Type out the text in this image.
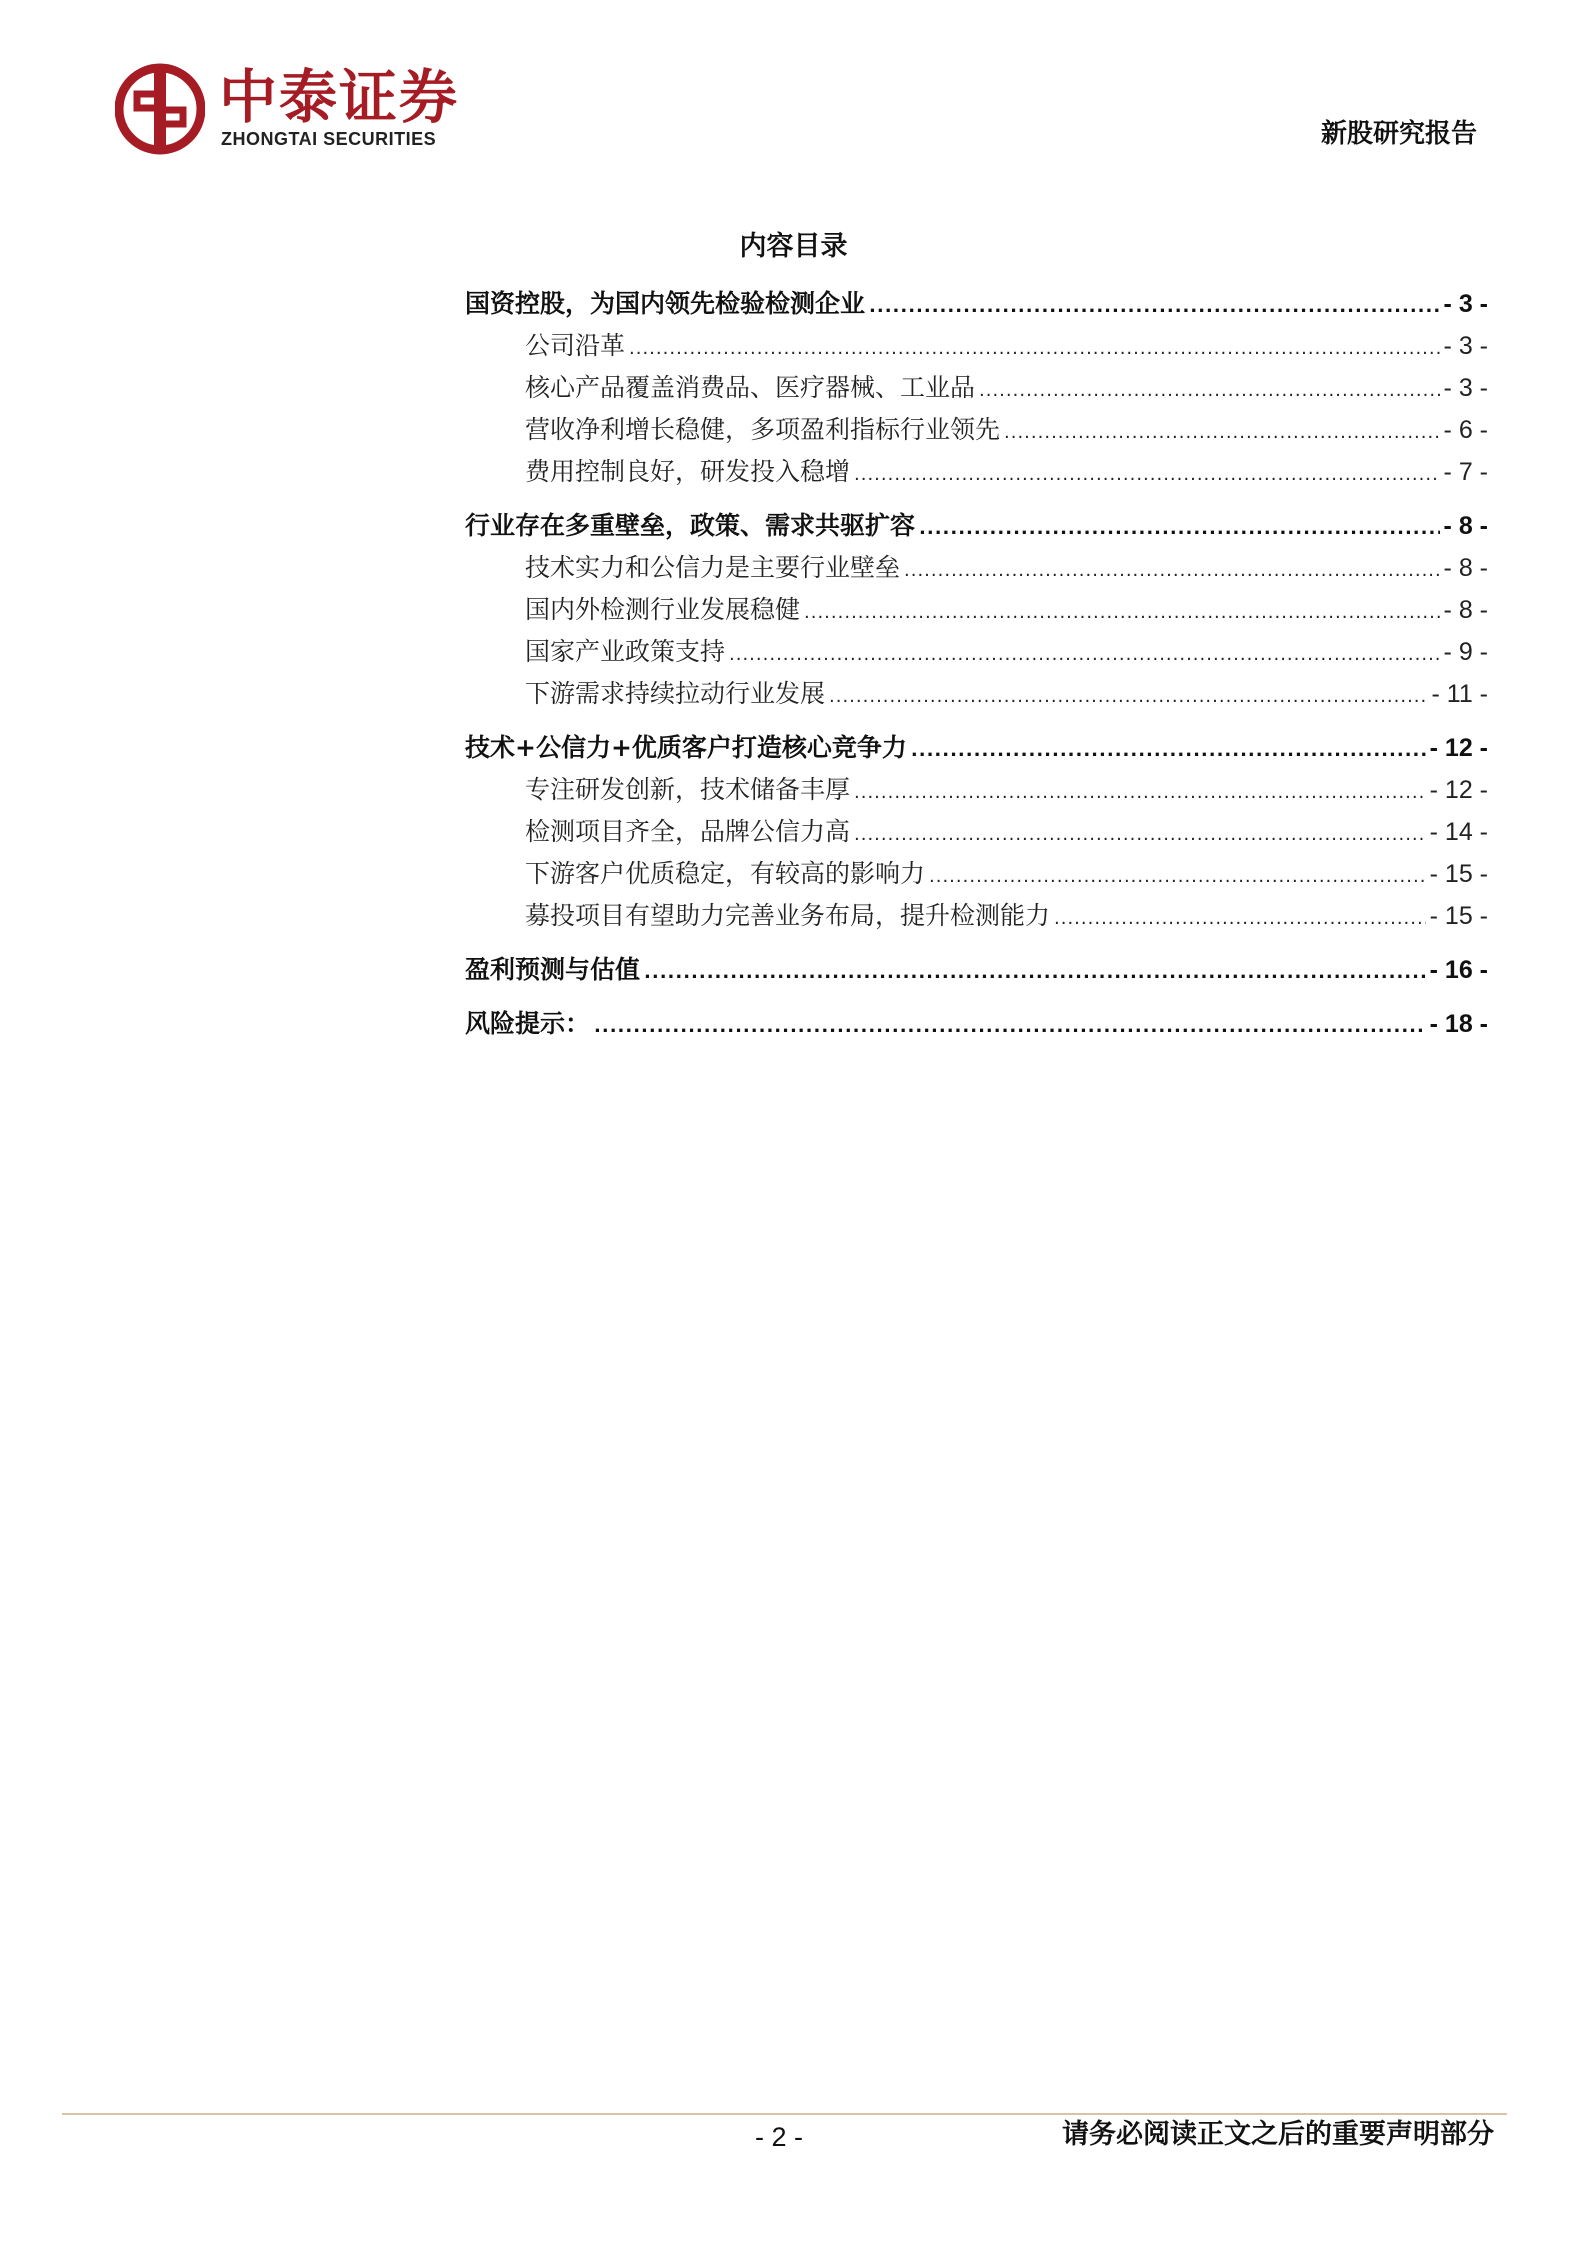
中泰证券
ZHONGTAI SECURITIES	新股研究报告
内容目录
国资控股，为国内领先检验检测企业 .....	- 3 -
公司沿革 .....	- 3 -
核心产品覆盖消费品、医疗器械、工业品 .....	- 3 -
营收净利增长稳健，多项盈利指标行业领先 .....	- 6 -
费用控制良好，研发投入稳增 .....	- 7 -
行业存在多重壁垒，政策、需求共驱扩容 .....	- 8 -
技术实力和公信力是主要行业壁垒 .....	- 8 -
国内外检测行业发展稳健 .....	- 8 -
国家产业政策支持 .....	- 9 -
下游需求持续拉动行业发展 .....	- 11 -
技术+公信力+优质客户打造核心竞争力 .....	- 12 -
专注研发创新，技术储备丰厚 .....	- 12 -
检测项目齐全，品牌公信力高 .....	- 14 -
下游客户优质稳定，有较高的影响力 .....	- 15 -
募投项目有望助力完善业务布局，提升检测能力 .....	- 15 -
盈利预测与估值 .....	- 16 -
风险提示： .....	- 18 -
- 2 -	请务必阅读正文之后的重要声明部分
